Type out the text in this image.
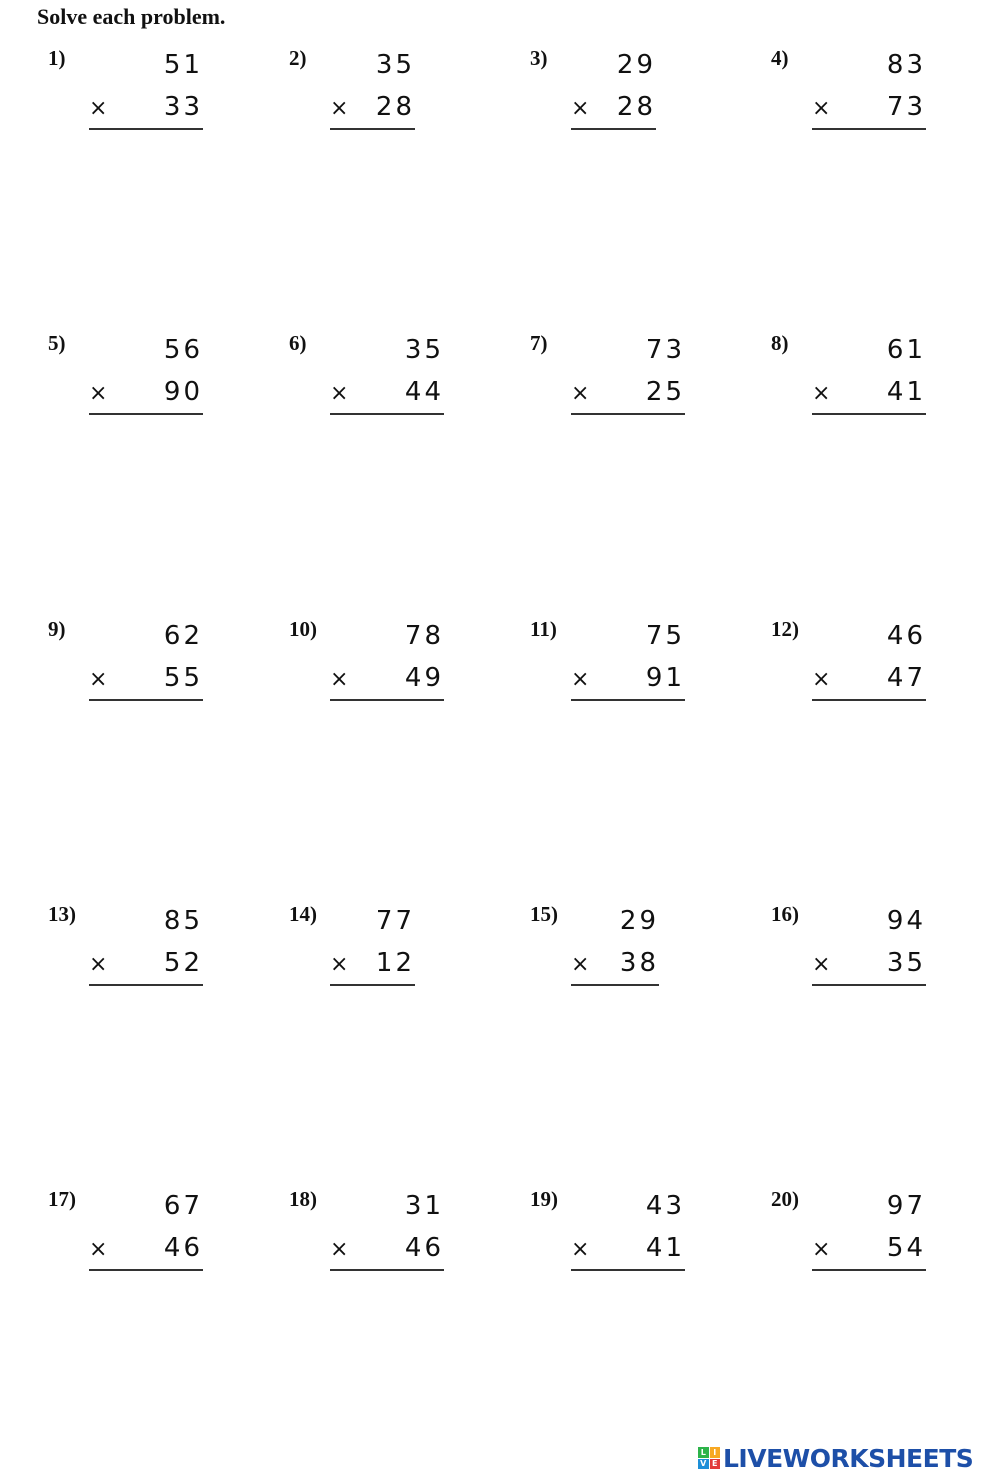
Solve each problem.
1)	51
×	33
2)	35
×	28
3)	29
×	28
4)	83
×	73
5)	56
×	90
6)	35
×	44
7)	73
×	25
8)	61
×	41
9)	62
×	55
10)	78
×	49
11)	75
×	91
12)	46
×	47
13)	85
×	52
14)	77
×	12
15)	29
×	38
16)	94
×	35
17)	67
×	46
18)	31
×	46
19)	43
×	41
20)	97
×	54
L I
V E LIVEWORKSHEETS
